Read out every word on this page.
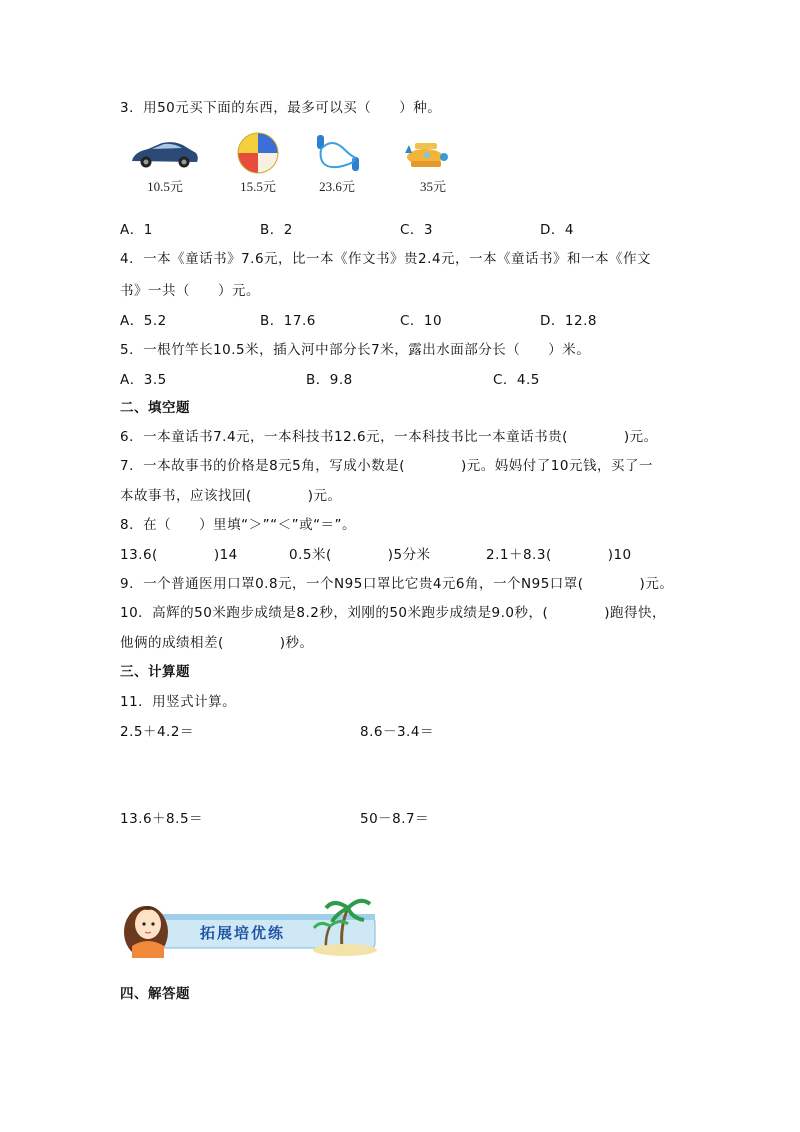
3．用50元买下面的东西，最多可以买（　　）种。
10.5元	15.5元	23.6元	35元
A．1	B．2	C．3	D．4
4．一本《童话书》7.6元，比一本《作文书》贵2.4元，一本《童话书》和一本《作文
书》一共（　　）元。
A．5.2	B．17.6	C．10	D．12.8
5．一根竹竿长10.5米，插入河中部分长7米，露出水面部分长（　　）米。
A．3.5	B．9.8	C．4.5
二、填空题
6．一本童话书7.4元，一本科技书12.6元，一本科技书比一本童话书贵(　　　　)元。
7．一本故事书的价格是8元5角，写成小数是(　　　　)元。妈妈付了10元钱，买了一
本故事书，应该找回(　　　　)元。
8．在（　　）里填“＞”“＜”或“＝”。
13.6(　　　　)14	0.5米(　　　　)5分米	2.1＋8.3(　　　　)10
9．一个普通医用口罩0.8元，一个N95口罩比它贵4元6角，一个N95口罩(　　　　)元。
10．高辉的50米跑步成绩是8.2秒，刘刚的50米跑步成绩是9.0秒，(　　　　)跑得快，
他俩的成绩相差(　　　　)秒。
三、计算题
11．用竖式计算。
2.5＋4.2＝	8.6－3.4＝
13.6＋8.5＝	50－8.7＝
拓展培优练
四、解答题
